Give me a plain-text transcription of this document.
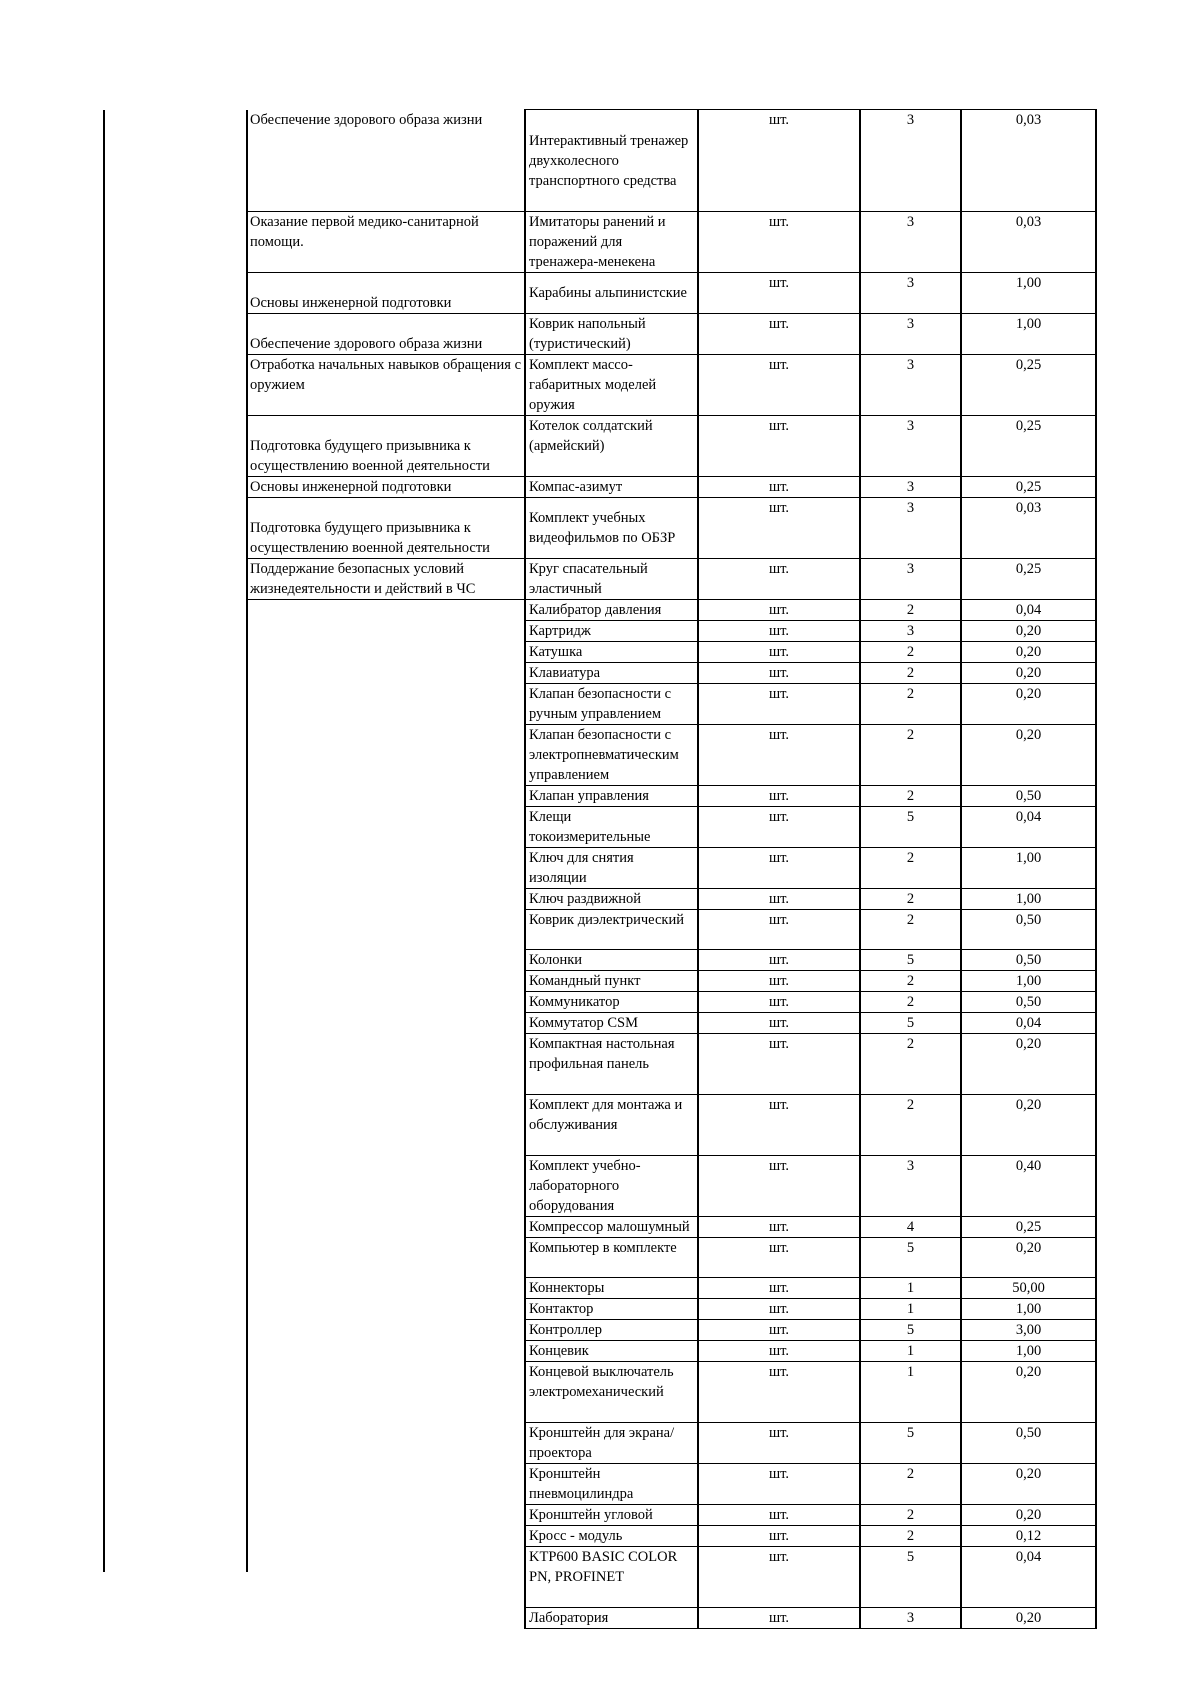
Обеспечение здорового образа жизни	Интерактивный тренажер двухколесного транспортного средства	шт.	3	0,03
Оказание первой медико-санитарной помощи.	Имитаторы ранений и поражений для тренажера-менекена	шт.	3	0,03
Основы инженерной подготовки	Карабины альпинистские	шт.	3	1,00
Обеспечение здорового образа жизни	Коврик напольный (туристический)	шт.	3	1,00
Отработка начальных навыков обращения с оружием	Комплект массо-габаритных моделей оружия	шт.	3	0,25
Подготовка будущего призывника к осуществлению военной деятельности	Котелок солдатский (армейский)	шт.	3	0,25
Основы инженерной подготовки	Компас-азимут	шт.	3	0,25
Подготовка будущего призывника к осуществлению военной деятельности	Комплект учебных видеофильмов по ОБЗР	шт.	3	0,03
Поддержание безопасных условий жизнедеятельности и действий в ЧС	Круг спасательный эластичный	шт.	3	0,25
	Калибратор давления	шт.	2	0,04
	Картридж	шт.	3	0,20
	Катушка	шт.	2	0,20
	Клавиатура	шт.	2	0,20
	Клапан безопасности с ручным управлением	шт.	2	0,20
	Клапан безопасности с электропневматическим управлением	шт.	2	0,20
	Клапан управления	шт.	2	0,50
	Клещи токоизмерительные	шт.	5	0,04
	Ключ для снятия изоляции	шт.	2	1,00
	Ключ раздвижной	шт.	2	1,00
	Коврик диэлектрический	шт.	2	0,50
	Колонки	шт.	5	0,50
	Командный пункт	шт.	2	1,00
	Коммуникатор	шт.	2	0,50
	Коммутатор CSM	шт.	5	0,04
	Компактная настольная профильная панель	шт.	2	0,20
	Комплект для монтажа и обслуживания	шт.	2	0,20
	Комплект учебно-лабораторного оборудования	шт.	3	0,40
	Компрессор малошумный	шт.	4	0,25
	Компьютер в комплекте	шт.	5	0,20
	Коннекторы	шт.	1	50,00
	Контактор	шт.	1	1,00
	Контроллер	шт.	5	3,00
	Концевик	шт.	1	1,00
	Концевой выключатель электромеханический	шт.	1	0,20
	Кронштейн для экрана/ проектора	шт.	5	0,50
	Кронштейн пневмоцилиндра	шт.	2	0,20
	Кронштейн угловой	шт.	2	0,20
	Кросс - модуль	шт.	2	0,12
	KTP600 BASIC COLOR PN, PROFINET	шт.	5	0,04
	Лаборатория	шт.	3	0,20
